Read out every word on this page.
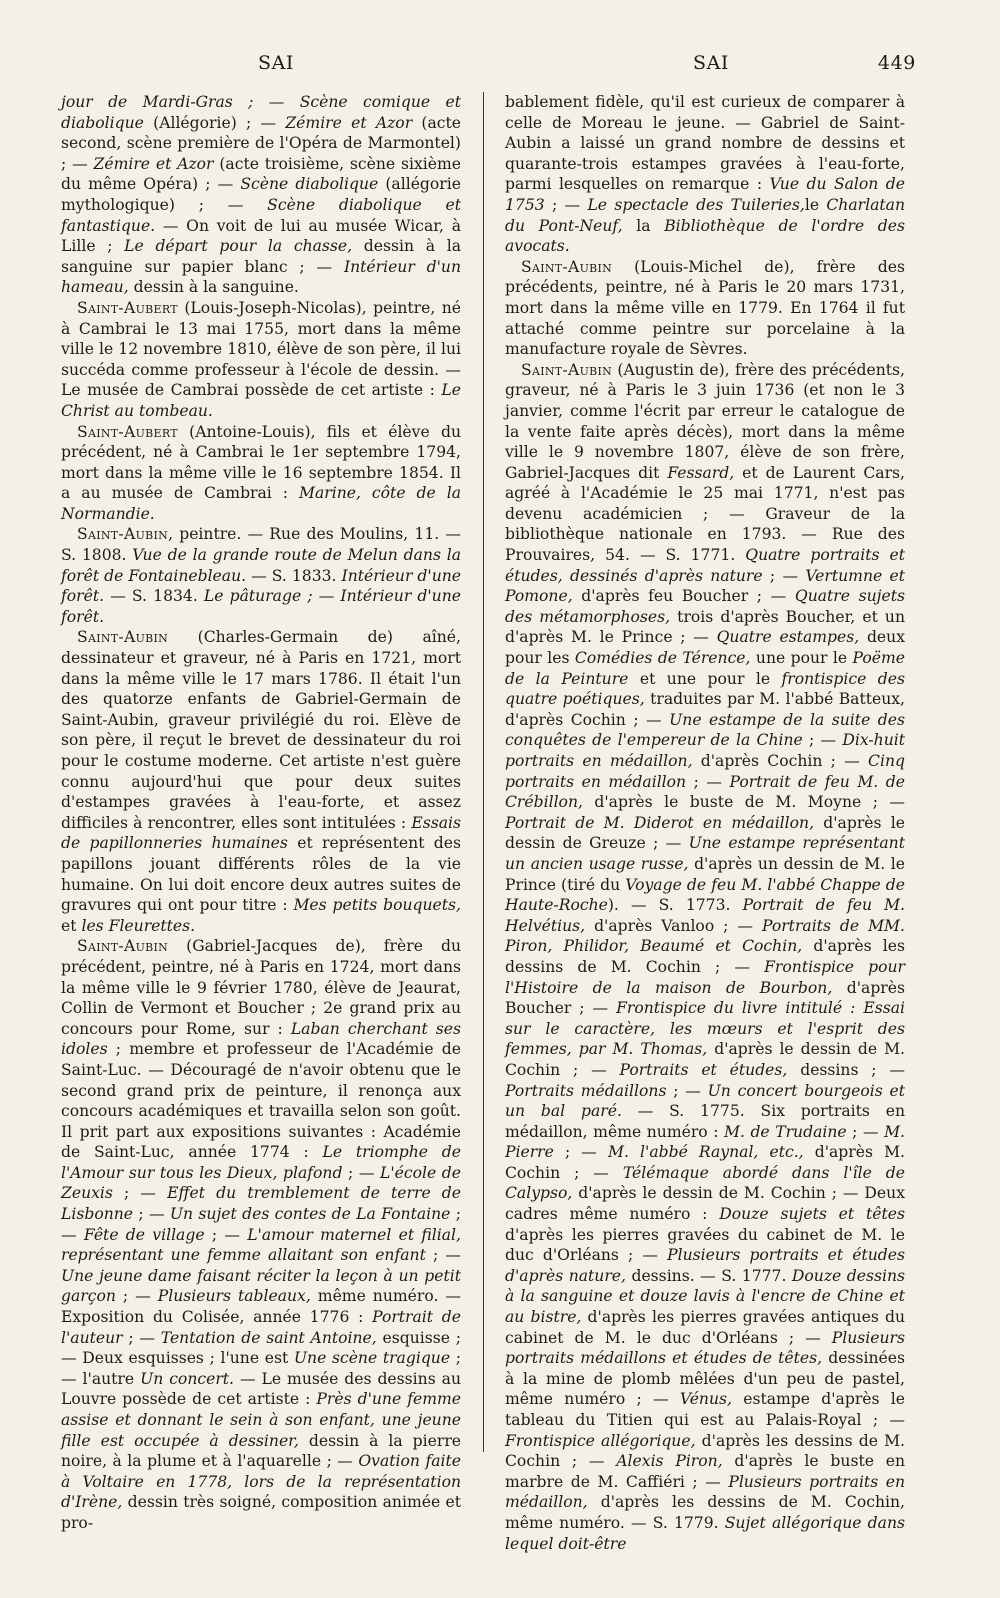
SAI	SAI	449

jour de Mardi-Gras ; — Scène comique et diabolique (Allégorie) ; — Zémire et Azor (acte second, scène première de l'Opéra de Marmontel) ; — Zémire et Azor (acte troisième, scène sixième du même Opéra) ; — Scène diabolique (allégorie mythologique) ; — Scène diabolique et fantastique. — On voit de lui au musée Wicar, à Lille ; Le départ pour la chasse, dessin à la sanguine sur papier blanc ; — Intérieur d'un hameau, dessin à la sanguine.

Saint-Aubert (Louis-Joseph-Nicolas), peintre, né à Cambrai le 13 mai 1755, mort dans la même ville le 12 novembre 1810, élève de son père, il lui succéda comme professeur à l'école de dessin. — Le musée de Cambrai possède de cet artiste : Le Christ au tombeau.

Saint-Aubert (Antoine-Louis), fils et élève du précédent, né à Cambrai le 1er septembre 1794, mort dans la même ville le 16 septembre 1854. Il a au musée de Cambrai : Marine, côte de la Normandie.

Saint-Aubin, peintre. — Rue des Moulins, 11. — S. 1808. Vue de la grande route de Melun dans la forêt de Fontainebleau. — S. 1833. Intérieur d'une forêt. — S. 1834. Le pâturage ; — Intérieur d'une forêt.

Saint-Aubin (Charles-Germain de) aîné, dessinateur et graveur, né à Paris en 1721, mort dans la même ville le 17 mars 1786. Il était l'un des quatorze enfants de Gabriel-Germain de Saint-Aubin, graveur privilégié du roi. Elève de son père, il reçut le brevet de dessinateur du roi pour le costume moderne. Cet artiste n'est guère connu aujourd'hui que pour deux suites d'estampes gravées à l'eau-forte, et assez difficiles à rencontrer, elles sont intitulées : Essais de papillonneries humaines et représentent des papillons jouant différents rôles de la vie humaine. On lui doit encore deux autres suites de gravures qui ont pour titre : Mes petits bouquets, et les Fleurettes.

Saint-Aubin (Gabriel-Jacques de), frère du précédent, peintre, né à Paris en 1724, mort dans la même ville le 9 février 1780, élève de Jeaurat, Collin de Vermont et Boucher ; 2e grand prix au concours pour Rome, sur : Laban cherchant ses idoles ; membre et professeur de l'Académie de Saint-Luc. — Découragé de n'avoir obtenu que le second grand prix de peinture, il renonça aux concours académiques et travailla selon son goût. Il prit part aux expositions suivantes : Académie de Saint-Luc, année 1774 : Le triomphe de l'Amour sur tous les Dieux, plafond ; — L'école de Zeuxis ; — Effet du tremblement de terre de Lisbonne ; — Un sujet des contes de La Fontaine ; — Fête de village ; — L'amour maternel et filial, représentant une femme allaitant son enfant ; — Une jeune dame faisant réciter la leçon à un petit garçon ; — Plusieurs tableaux, même numéro. — Exposition du Colisée, année 1776 : Portrait de l'auteur ; — Tentation de saint Antoine, esquisse ; — Deux esquisses ; l'une est Une scène tragique ; — l'autre Un concert. — Le musée des dessins au Louvre possède de cet artiste : Près d'une femme assise et donnant le sein à son enfant, une jeune fille est occupée à dessiner, dessin à la pierre noire, à la plume et à l'aquarelle ; — Ovation faite à Voltaire en 1778, lors de la représentation d'Irène, dessin très soigné, composition animée et pro-

bablement fidèle, qu'il est curieux de comparer à celle de Moreau le jeune. — Gabriel de Saint-Aubin a laissé un grand nombre de dessins et quarante-trois estampes gravées à l'eau-forte, parmi lesquelles on remarque : Vue du Salon de 1753 ; — Le spectacle des Tuileries,le Charlatan du Pont-Neuf, la Bibliothèque de l'ordre des avocats.

Saint-Aubin (Louis-Michel de), frère des précédents, peintre, né à Paris le 20 mars 1731, mort dans la même ville en 1779. En 1764 il fut attaché comme peintre sur porcelaine à la manufacture royale de Sèvres.

Saint-Aubin (Augustin de), frère des précédents, graveur, né à Paris le 3 juin 1736 (et non le 3 janvier, comme l'écrit par erreur le catalogue de la vente faite après décès), mort dans la même ville le 9 novembre 1807, élève de son frère, Gabriel-Jacques dit Fessard, et de Laurent Cars, agréé à l'Académie le 25 mai 1771, n'est pas devenu académicien ; — Graveur de la bibliothèque nationale en 1793. — Rue des Prouvaires, 54. — S. 1771. Quatre portraits et études, dessinés d'après nature ; — Vertumne et Pomone, d'après feu Boucher ; — Quatre sujets des métamorphoses, trois d'après Boucher, et un d'après M. le Prince ; — Quatre estampes, deux pour les Comédies de Térence, une pour le Poëme de la Peinture et une pour le frontispice des quatre poétiques, traduites par M. l'abbé Batteux, d'après Cochin ; — Une estampe de la suite des conquêtes de l'empereur de la Chine ; — Dix-huit portraits en médaillon, d'après Cochin ; — Cinq portraits en médaillon ; — Portrait de feu M. de Crébillon, d'après le buste de M. Moyne ; — Portrait de M. Diderot en médaillon, d'après le dessin de Greuze ; — Une estampe représentant un ancien usage russe, d'après un dessin de M. le Prince (tiré du Voyage de feu M. l'abbé Chappe de Haute-Roche). — S. 1773. Portrait de feu M. Helvétius, d'après Vanloo ; — Portraits de MM. Piron, Philidor, Beaumé et Cochin, d'après les dessins de M. Cochin ; — Frontispice pour l'Histoire de la maison de Bourbon, d'après Boucher ; — Frontispice du livre intitulé : Essai sur le caractère, les mœurs et l'esprit des femmes, par M. Thomas, d'après le dessin de M. Cochin ; — Portraits et études, dessins ; — Portraits médaillons ; — Un concert bourgeois et un bal paré. — S. 1775. Six portraits en médaillon, même numéro : M. de Trudaine ; — M. Pierre ; — M. l'abbé Raynal, etc., d'après M. Cochin ; — Télémaque abordé dans l'île de Calypso, d'après le dessin de M. Cochin ; — Deux cadres même numéro : Douze sujets et têtes d'après les pierres gravées du cabinet de M. le duc d'Orléans ; — Plusieurs portraits et études d'après nature, dessins. — S. 1777. Douze dessins à la sanguine et douze lavis à l'encre de Chine et au bistre, d'après les pierres gravées antiques du cabinet de M. le duc d'Orléans ; — Plusieurs portraits médaillons et études de têtes, dessinées à la mine de plomb mêlées d'un peu de pastel, même numéro ; — Vénus, estampe d'après le tableau du Titien qui est au Palais-Royal ; — Frontispice allégorique, d'après les dessins de M. Cochin ; — Alexis Piron, d'après le buste en marbre de M. Caffiéri ; — Plusieurs portraits en médaillon, d'après les dessins de M. Cochin, même numéro. — S. 1779. Sujet allégorique dans lequel doit-être
